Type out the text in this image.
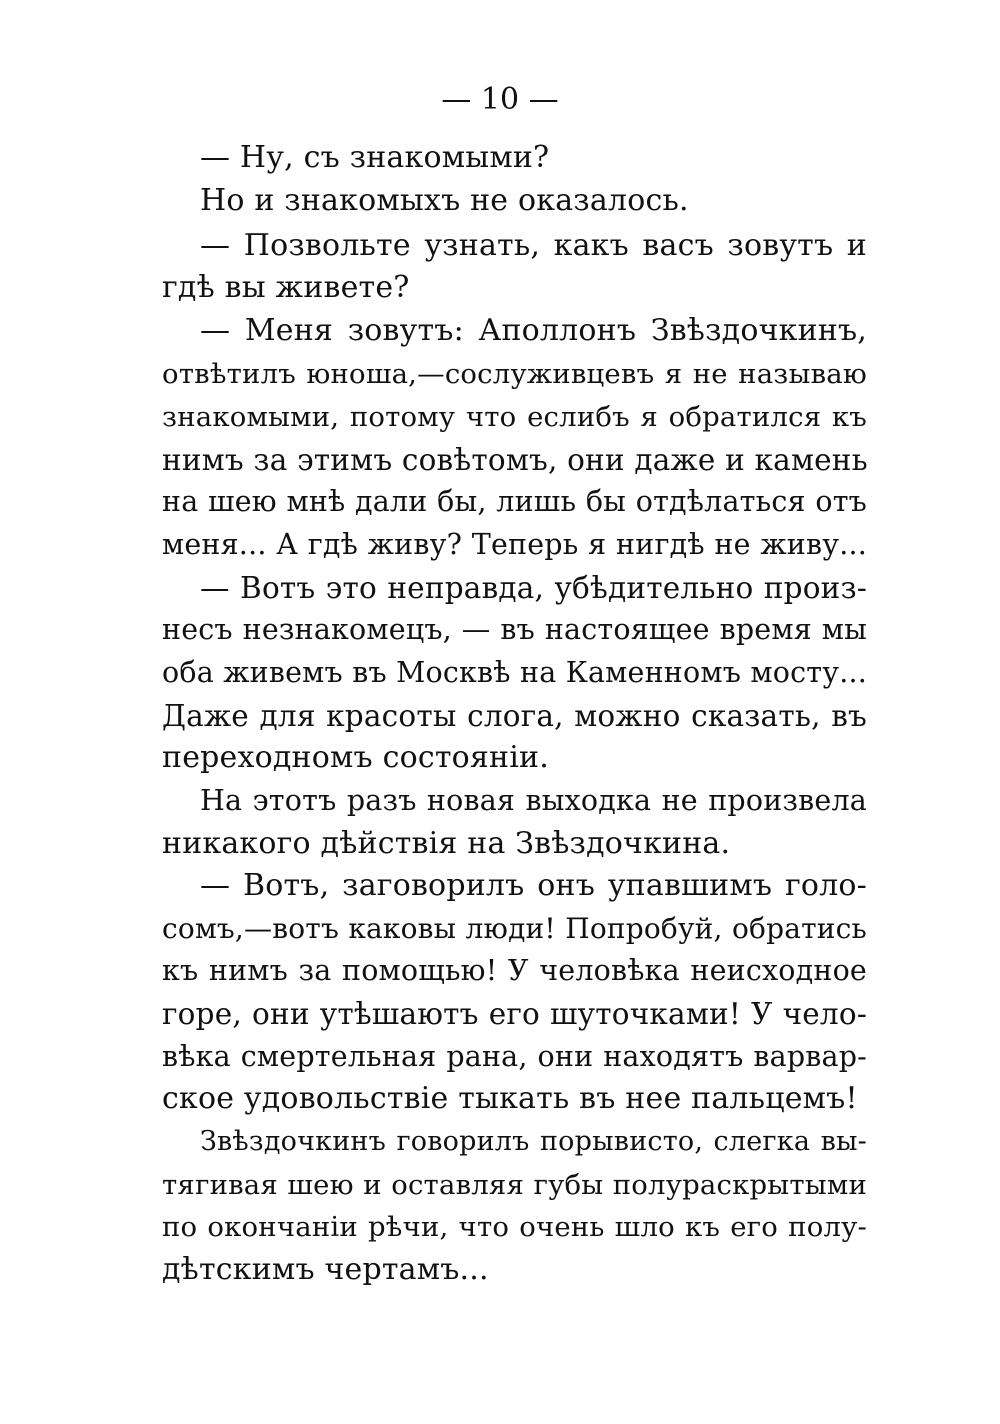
— 10 —
— Ну, съ знакомыми?
Но и знакомыхъ не оказалось.
— Позвольте узнать, какъ васъ зовутъ и
гдѣ вы живете?
— Меня зовутъ: Аполлонъ Звѣздочкинъ,
отвѣтилъ юноша,—сослуживцевъ я не называю
знакомыми, потому что еслибъ я обратился къ
нимъ за этимъ совѣтомъ, они даже и камень
на шею мнѣ дали бы, лишь бы отдѣлаться отъ
меня... А гдѣ живу? Теперь я нигдѣ не живу...
— Вотъ это неправда, убѣдительно произ-
несъ незнакомецъ, — въ настоящее время мы
оба живемъ въ Москвѣ на Каменномъ мосту...
Даже для красоты слога, можно сказать, въ
переходномъ состояніи.
На этотъ разъ новая выходка не произвела
никакого дѣйствія на Звѣздочкина.
— Вотъ, заговорилъ онъ упавшимъ голо-
сомъ,—вотъ каковы люди! Попробуй, обратись
къ нимъ за помощью! У человѣка неисходное
горе, они утѣшаютъ его шуточками! У чело-
вѣка смертельная рана, они находятъ варвар-
ское удовольствіе тыкать въ нее пальцемъ!
Звѣздочкинъ говорилъ порывисто, слегка вы-
тягивая шею и оставляя губы полураскрытыми
по окончаніи рѣчи, что очень шло къ его полу-
дѣтскимъ чертамъ...
